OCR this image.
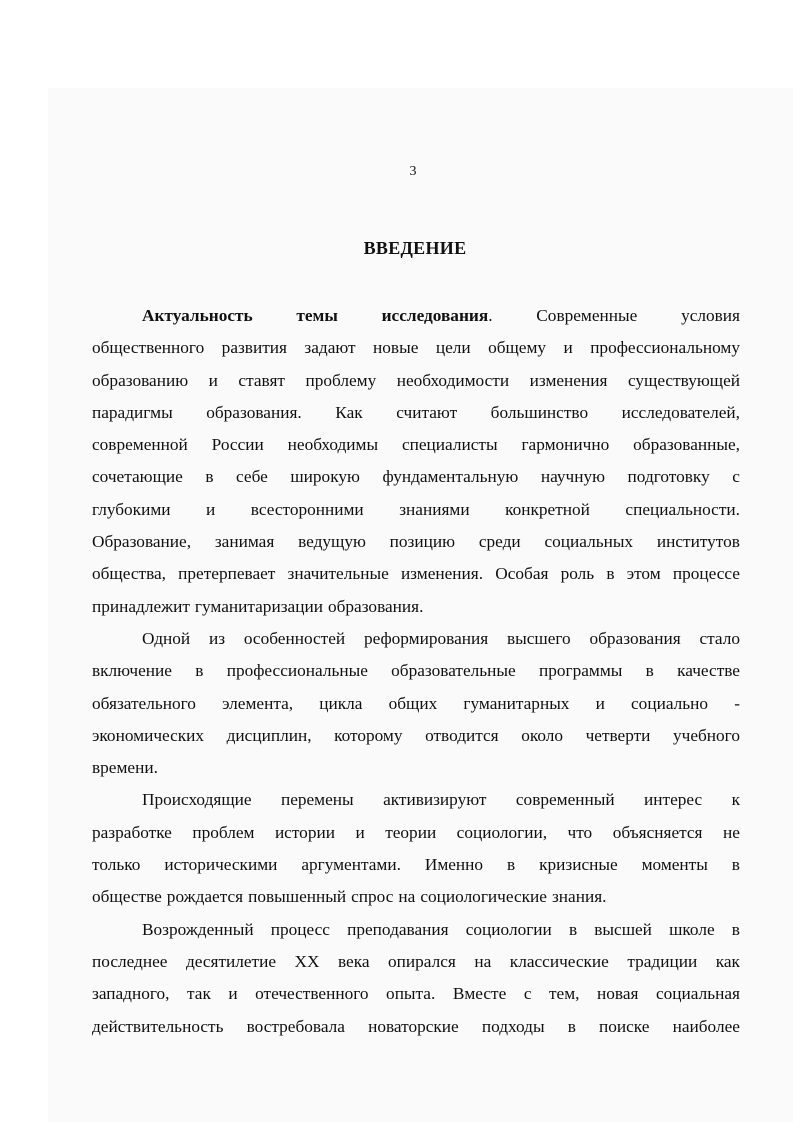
3
ВВЕДЕНИЕ
Актуальность	темы	исследования.	Современные	условия
общественного развития задают новые цели общему и профессиональному
образованию и ставят проблему необходимости изменения существующей
парадигмы образования. Как считают большинство исследователей,
современной России необходимы специалисты гармонично образованные,
сочетающие в себе широкую фундаментальную научную подготовку с
глубокими и всесторонними знаниями конкретной специальности.
Образование, занимая ведущую позицию среди социальных институтов
общества, претерпевает значительные изменения. Особая роль в этом процессе
принадлежит гуманитаризации образования.
Одной из особенностей реформирования высшего образования стало
включение в профессиональные образовательные программы в качестве
обязательного элемента, цикла общих гуманитарных и социально -
экономических дисциплин, которому отводится около четверти учебного
времени.
Происходящие перемены активизируют современный интерес к
разработке проблем истории и теории социологии, что объясняется не
только историческими аргументами. Именно в кризисные моменты в
обществе рождается повышенный спрос на социологические знания.
Возрожденный процесс преподавания социологии в высшей школе в
последнее десятилетие XX века опирался на классические традиции как
западного, так и отечественного опыта. Вместе с тем, новая социальная
действительность востребовала новаторские подходы в поиске наиболее
